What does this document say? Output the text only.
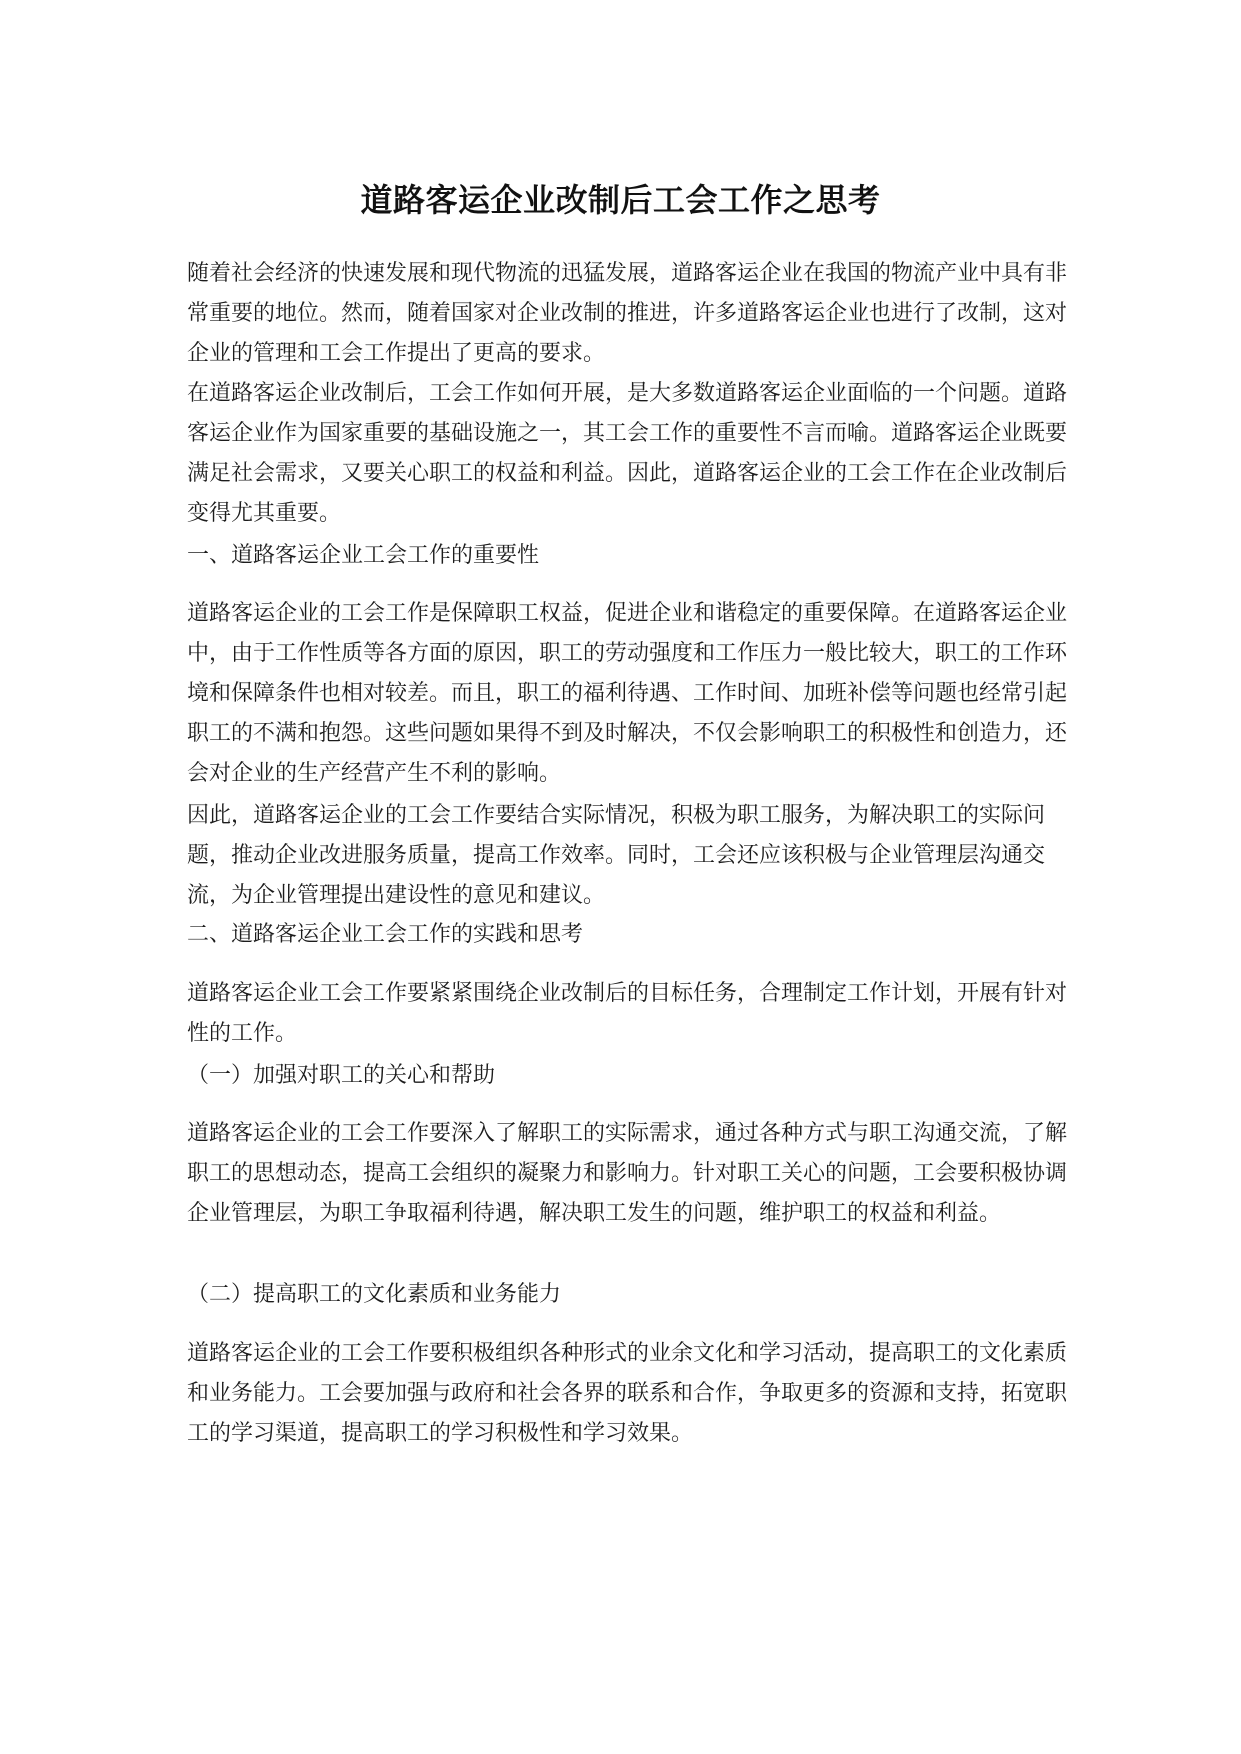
道路客运企业改制后工会工作之思考

随着社会经济的快速发展和现代物流的迅猛发展，道路客运企业在我国的物流产业中具有非常重要的地位。然而，随着国家对企业改制的推进，许多道路客运企业也进行了改制，这对企业的管理和工会工作提出了更高的要求。

在道路客运企业改制后，工会工作如何开展，是大多数道路客运企业面临的一个问题。道路客运企业作为国家重要的基础设施之一，其工会工作的重要性不言而喻。道路客运企业既要满足社会需求，又要关心职工的权益和利益。因此，道路客运企业的工会工作在企业改制后变得尤其重要。

一、道路客运企业工会工作的重要性

道路客运企业的工会工作是保障职工权益，促进企业和谐稳定的重要保障。在道路客运企业中，由于工作性质等各方面的原因，职工的劳动强度和工作压力一般比较大，职工的工作环境和保障条件也相对较差。而且，职工的福利待遇、工作时间、加班补偿等问题也经常引起职工的不满和抱怨。这些问题如果得不到及时解决，不仅会影响职工的积极性和创造力，还会对企业的生产经营产生不利的影响。

因此，道路客运企业的工会工作要结合实际情况，积极为职工服务，为解决职工的实际问题，推动企业改进服务质量，提高工作效率。同时，工会还应该积极与企业管理层沟通交流，为企业管理提出建设性的意见和建议。

二、道路客运企业工会工作的实践和思考

道路客运企业工会工作要紧紧围绕企业改制后的目标任务，合理制定工作计划，开展有针对性的工作。

（一）加强对职工的关心和帮助

道路客运企业的工会工作要深入了解职工的实际需求，通过各种方式与职工沟通交流，了解职工的思想动态，提高工会组织的凝聚力和影响力。针对职工关心的问题，工会要积极协调企业管理层，为职工争取福利待遇，解决职工发生的问题，维护职工的权益和利益。

（二）提高职工的文化素质和业务能力

道路客运企业的工会工作要积极组织各种形式的业余文化和学习活动，提高职工的文化素质和业务能力。工会要加强与政府和社会各界的联系和合作，争取更多的资源和支持，拓宽职工的学习渠道，提高职工的学习积极性和学习效果。
